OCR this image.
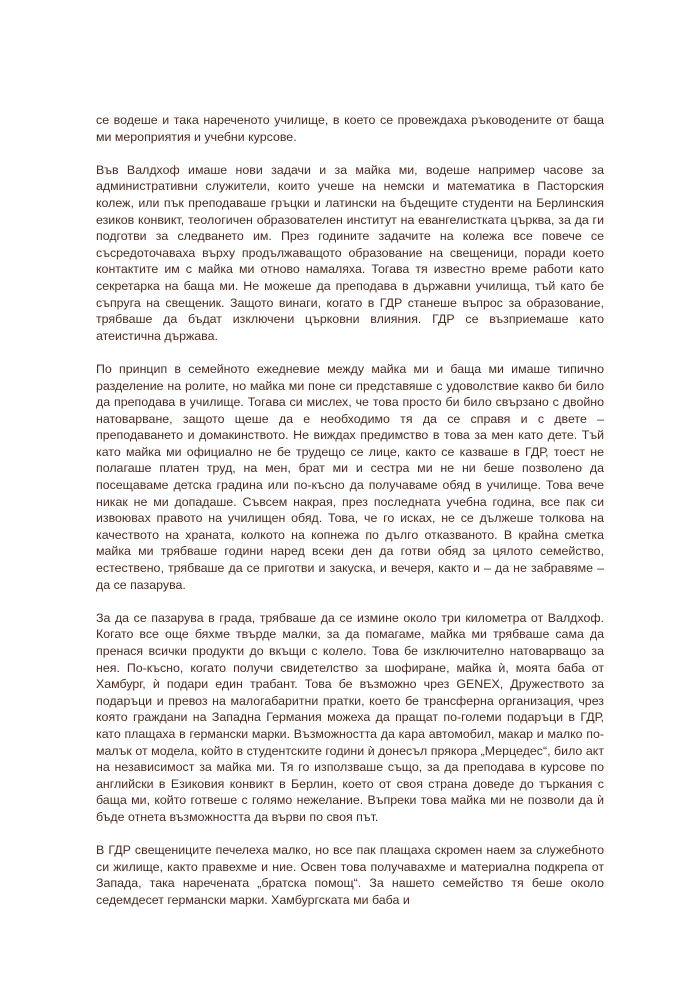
се водеше и така нареченото училище, в което се провеждаха ръководените от баща ми мероприятия и учебни курсове.

Във Валдхоф имаше нови задачи и за майка ми, водеше например часове за административни служители, които учеше на немски и математика в Пасторския колеж, или пък преподаваше гръцки и латински на бъдещите студенти на Берлинския езиков конвикт, теологичен образователен институт на евангелистката църква, за да ги подготви за следването им. През годините задачите на колежа все повече се съсредоточаваха върху продължаващото образование на свещеници, поради което контактите им с майка ми отново намаляха. Тогава тя известно време работи като секретарка на баща ми. Не можеше да преподава в държавни училища, тъй като бе съпруга на свещеник. Защото винаги, когато в ГДР станеше въпрос за образование, трябваше да бъдат изключени църковни влияния. ГДР се възприемаше като атеистична държава.

По принцип в семейното ежедневие между майка ми и баща ми имаше типично разделение на ролите, но майка ми поне си представяше с удоволствие какво би било да преподава в училище. Тогава си мислех, че това просто би било свързано с двойно натоварване, защото щеше да е необходимо тя да се справя и с двете – преподаването и домакинството. Не виждах предимство в това за мен като дете. Тъй като майка ми официално не бе трудещо се лице, както се казваше в ГДР, тоест не полагаше платен труд, на мен, брат ми и сестра ми не ни беше позволено да посещаваме детска градина или по-късно да получаваме обяд в училище. Това вече никак не ми допадаше. Съвсем накрая, през последната учебна година, все пак си извоювах правото на училищен обяд. Това, че го исках, не се дължеше толкова на качеството на храната, колкото на копнежа по дълго отказваното. В крайна сметка майка ми трябваше години наред всеки ден да готви обяд за цялото семейство, естествено, трябваше да се приготви и закуска, и вечеря, както и – да не забравяме – да се пазарува.

За да се пазарува в града, трябваше да се измине около три километра от Валдхоф. Когато все още бяхме твърде малки, за да помагаме, майка ми трябваше сама да пренася всички продукти до вкъщи с колело. Това бе изключително натоварващо за нея. По-късно, когато получи свидетелство за шофиране, майка ѝ, моята баба от Хамбург, ѝ подари един трабант. Това бе възможно чрез GENEX, Дружеството за подаръци и превоз на малогабаритни пратки, което бе трансферна организация, чрез която граждани на Западна Германия можеха да пращат по-големи подаръци в ГДР, като плащаха в германски марки. Възможността да кара автомобил, макар и малко по-малък от модела, който в студентските години ѝ донесъл прякора „Мерцедес“, било акт на независимост за майка ми. Тя го използваше също, за да преподава в курсове по английски в Езиковия конвикт в Берлин, което от своя страна доведе до търкания с баща ми, който готвеше с голямо нежелание. Въпреки това майка ми не позволи да ѝ бъде отнета възможността да върви по своя път.

В ГДР свещениците печелеха малко, но все пак плащаха скромен наем за служебното си жилище, както правехме и ние. Освен това получавахме и материална подкрепа от Запада, така наречената „братска помощ“. За нашето семейство тя беше около седемдесет германски марки. Хамбургската ми баба и
